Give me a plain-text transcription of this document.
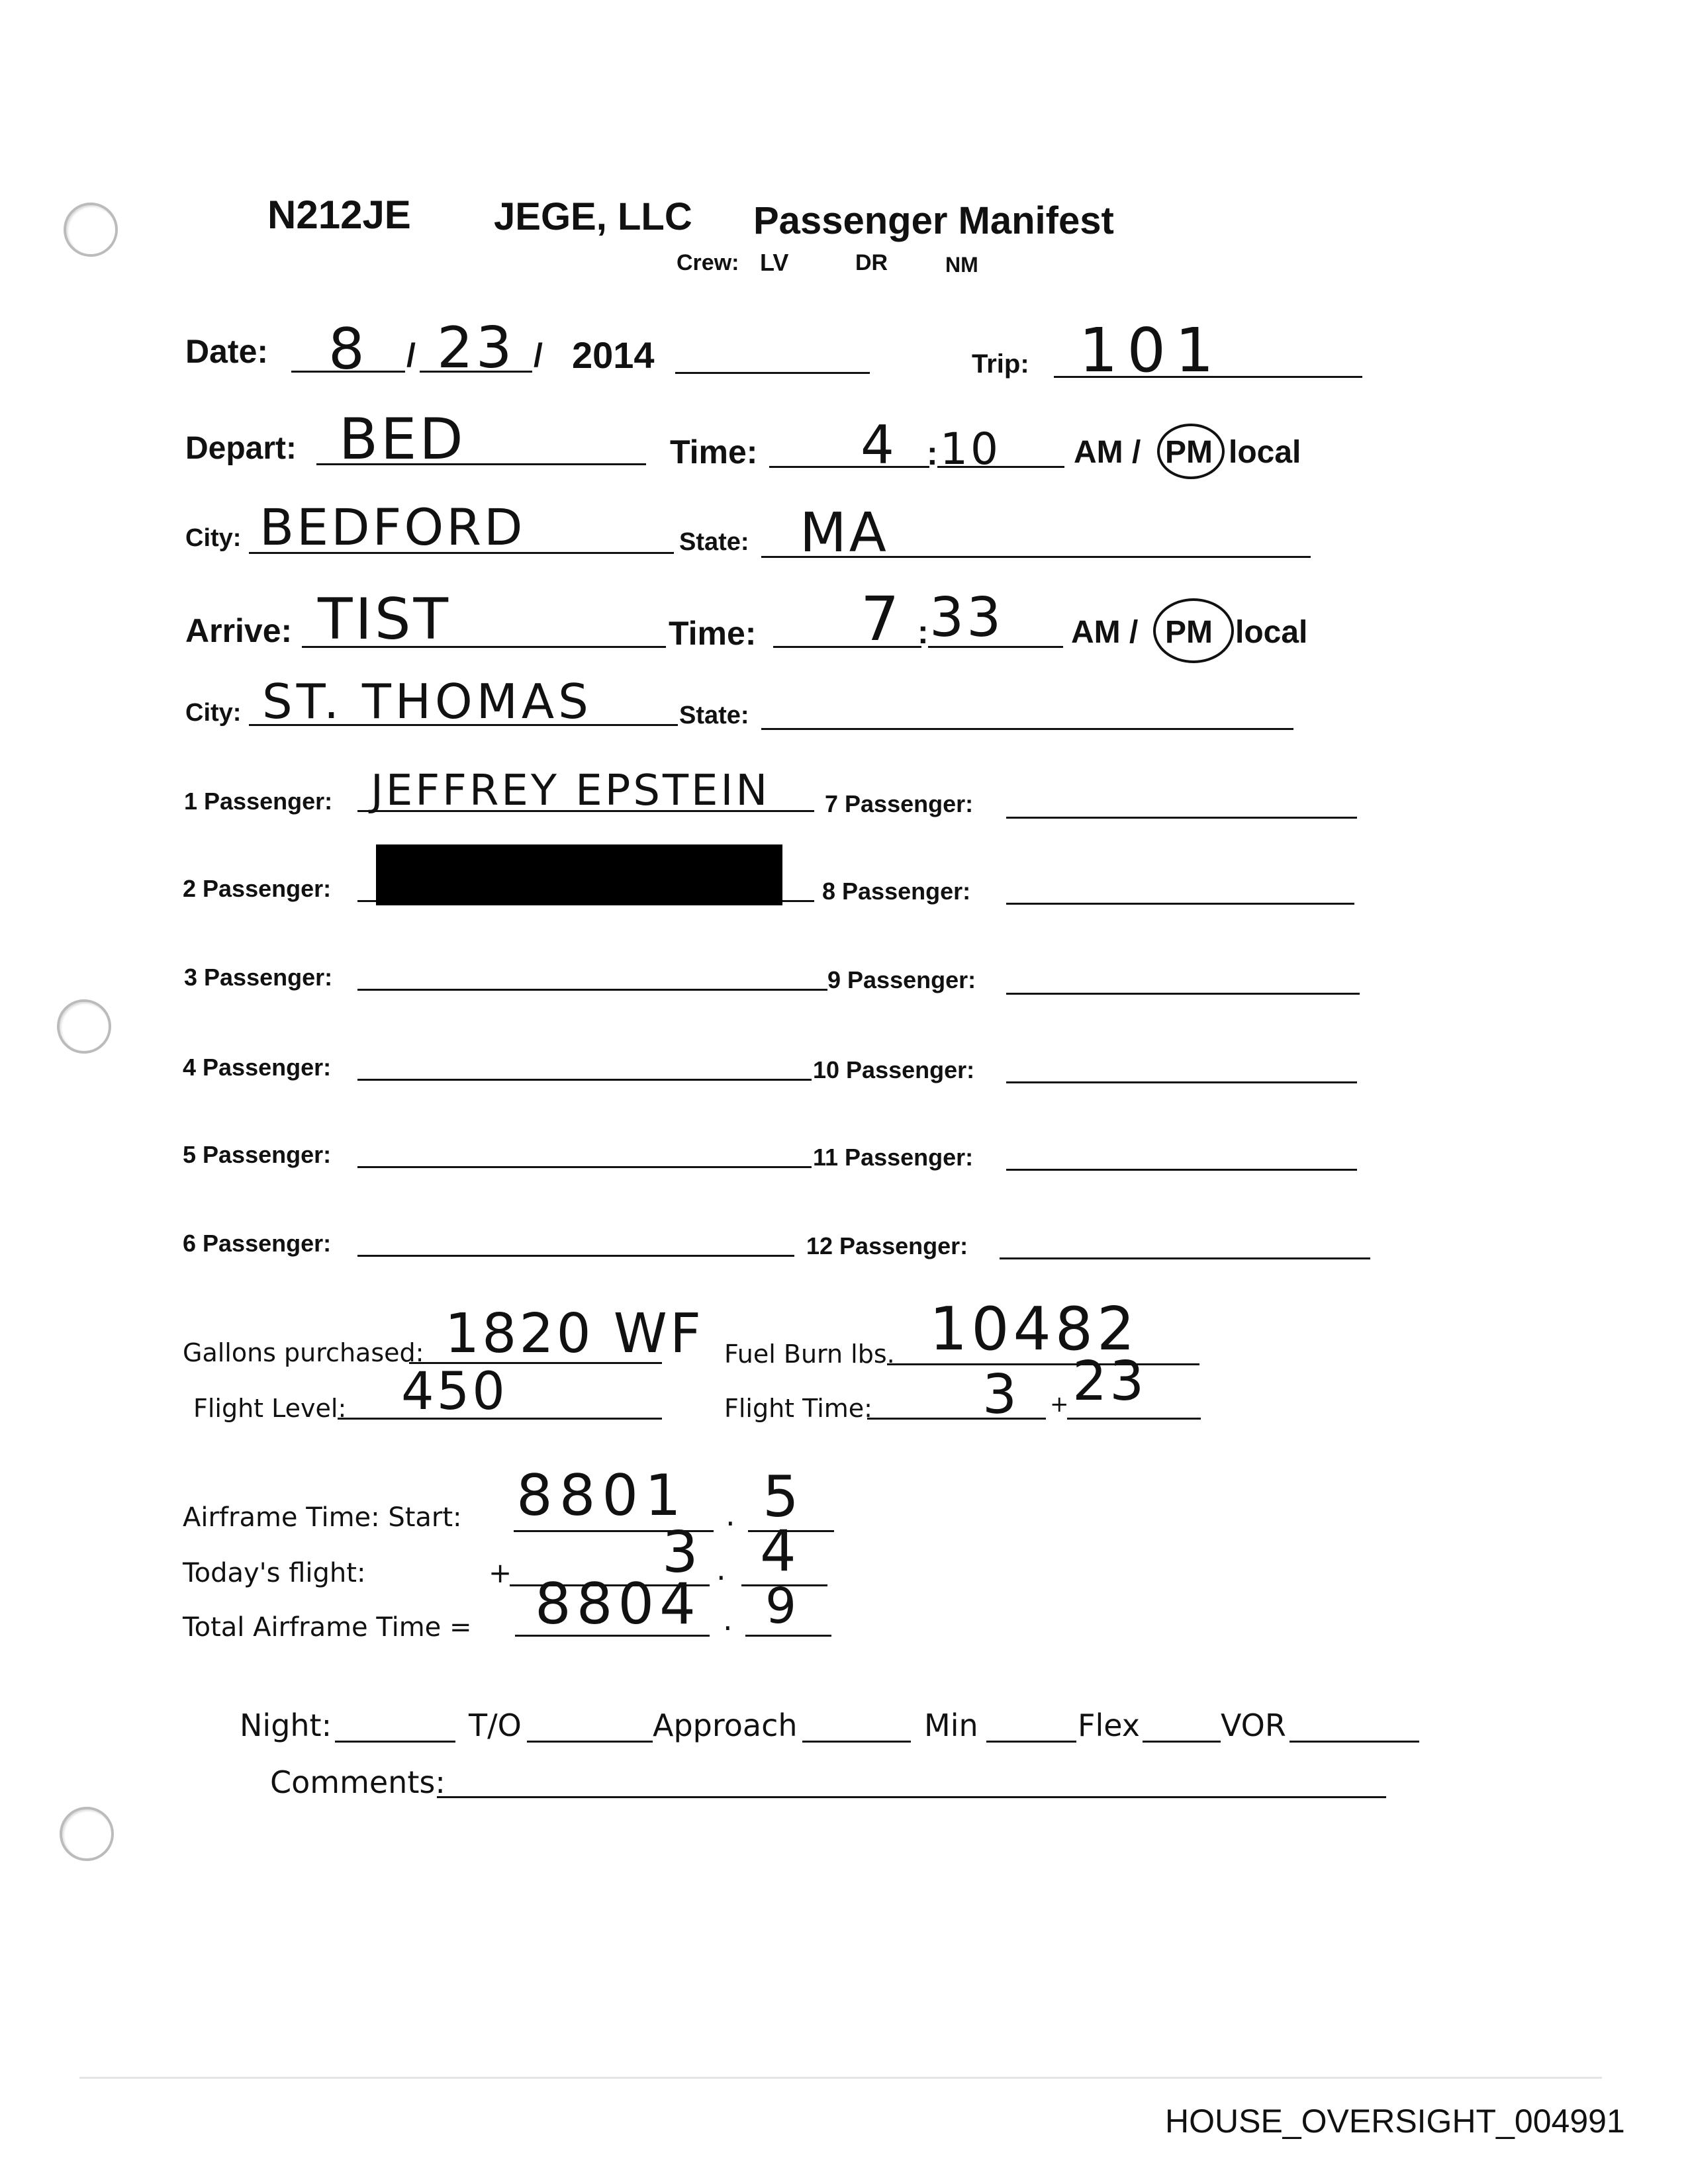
N212JE JEGE, LLC Passenger Manifest
Crew: LV	DR	NM
Date: 8 / 23 / 2014	Trip: 101
Depart: BED	Time: 4 : 10 AM / PM local
City: BEDFORD	State: MA
Arrive: TIST	Time: 7 : 33 AM / PM local
City: ST. THOMAS	State:
1 Passenger: JEFFREY EPSTEIN
2 Passenger:
3 Passenger:
4 Passenger:
5 Passenger:
6 Passenger:
7 Passenger:
8 Passenger:
9 Passenger:
10 Passenger:
11 Passenger:
12 Passenger:
Gallons purchased: 1820 WF Fuel Burn lbs. 10482
Flight Level: 450	Flight Time: 3 + 23
Airframe Time: Start: 8801 . 5
Today's flight:	+	3 . 4
Total Airframe Time = 8804 . 9
Night:	T/O	Approach	Min	Flex	VOR
Comments:
HOUSE_OVERSIGHT_004991
